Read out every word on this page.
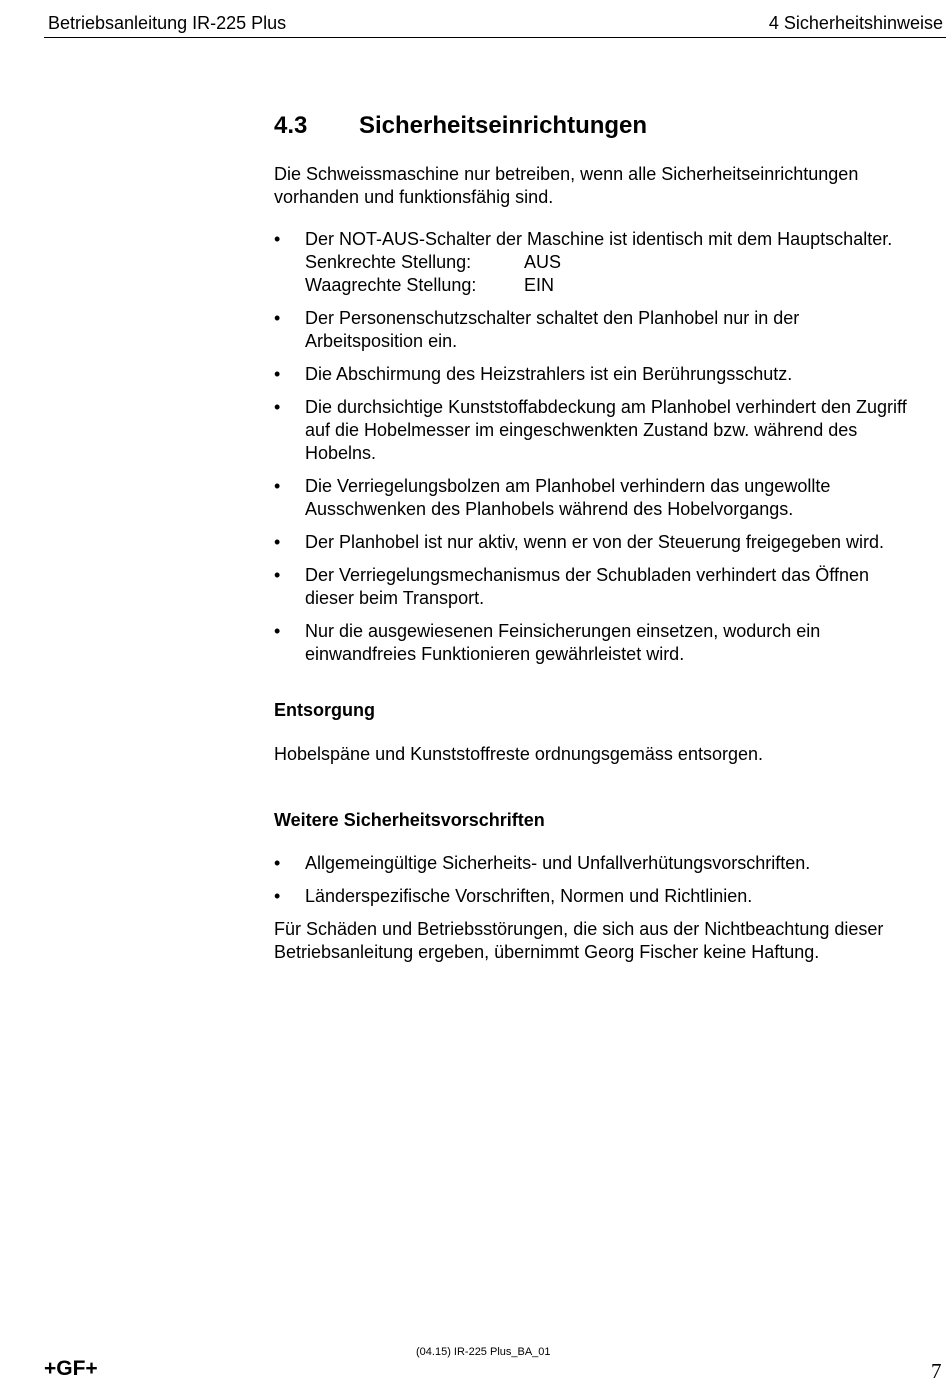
Betriebsanleitung IR-225 Plus	4 Sicherheitshinweise
4.3 Sicherheitseinrichtungen

Die Schweissmaschine nur betreiben, wenn alle Sicherheitseinrichtungen vorhanden und funktionsfähig sind.

• Der NOT-AUS-Schalter der Maschine ist identisch mit dem Hauptschalter.
Senkrechte Stellung:	AUS
Waagrechte Stellung:	EIN
• Der Personenschutzschalter schaltet den Planhobel nur in der Arbeitsposition ein.
• Die Abschirmung des Heizstrahlers ist ein Berührungsschutz.
• Die durchsichtige Kunststoffabdeckung am Planhobel verhindert den Zugriff auf die Hobelmesser im eingeschwenkten Zustand bzw. während des Hobelns.
• Die Verriegelungsbolzen am Planhobel verhindern das ungewollte Ausschwenken des Planhobels während des Hobelvorgangs.
• Der Planhobel ist nur aktiv, wenn er von der Steuerung freigegeben wird.
• Der Verriegelungsmechanismus der Schubladen verhindert das Öffnen dieser beim Transport.
• Nur die ausgewiesenen Feinsicherungen einsetzen, wodurch ein einwandfreies Funktionieren gewährleistet wird.

Entsorgung

Hobelspäne und Kunststoffreste ordnungsgemäss entsorgen.

Weitere Sicherheitsvorschriften

• Allgemeingültige Sicherheits- und Unfallverhütungsvorschriften.
• Länderspezifische Vorschriften, Normen und Richtlinien.

Für Schäden und Betriebsstörungen, die sich aus der Nichtbeachtung dieser Betriebsanleitung ergeben, übernimmt Georg Fischer keine Haftung.

(04.15) IR-225 Plus_BA_01
+GF+	7
